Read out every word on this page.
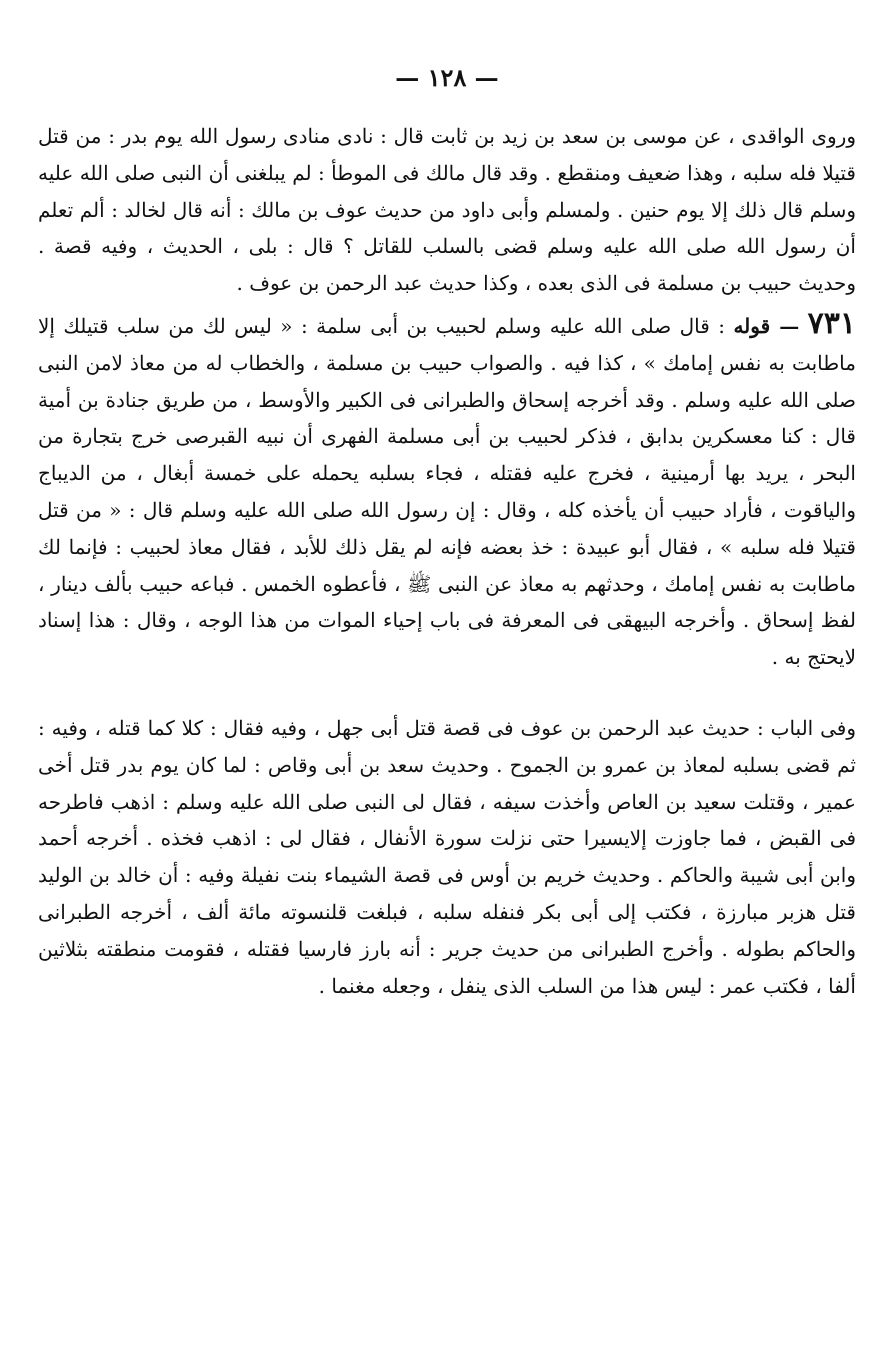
— ١٢٨ —

وروى الواقدى ، عن موسى بن سعد بن زيد بن ثابت قال : نادى منادى رسول الله يوم بدر : من قتل قتيلا فله سلبه ، وهذا ضعيف ومنقطع . وقد قال مالك فى الموطأ : لم يبلغنى أن النبى صلى الله عليه وسلم قال ذلك إلا يوم حنين . ولمسلم وأبى داود من حديث عوف بن مالك : أنه قال لخالد : ألم تعلم أن رسول الله صلى الله عليه وسلم قضى بالسلب للقاتل ؟ قال : بلى ، الحديث ، وفيه قصة . وحديث حبيب بن مسلمة فى الذى بعده ، وكذا حديث عبد الرحمن بن عوف .

٧٣١ — قوله : قال صلى الله عليه وسلم لحبيب بن أبى سلمة : « ليس لك من سلب قتيلك إلا ماطابت به نفس إمامك » ، كذا فيه . والصواب حبيب بن مسلمة ، والخطاب له من معاذ لامن النبى صلى الله عليه وسلم . وقد أخرجه إسحاق والطبرانى فى الكبير والأوسط ، من طريق جنادة بن أمية قال : كنا معسكرين بدابق ، فذكر لحبيب بن أبى مسلمة الفهرى أن نبيه القبرصى خرج بتجارة من البحر ، يريد بها أرمينية ، فخرج عليه فقتله ، فجاء بسلبه يحمله على خمسة أبغال ، من الديباج والياقوت ، فأراد حبيب أن يأخذه كله ، وقال : إن رسول الله صلى الله عليه وسلم قال : « من قتل قتيلا فله سلبه » ، فقال أبو عبيدة : خذ بعضه فإنه لم يقل ذلك للأبد ، فقال معاذ لحبيب : فإنما لك ماطابت به نفس إمامك ، وحدثهم به معاذ عن النبى ﷺ ، فأعطوه الخمس . فباعه حبيب بألف دينار ، لفظ إسحاق . وأخرجه البيهقى فى المعرفة فى باب إحياء الموات من هذا الوجه ، وقال : هذا إسناد لايحتج به .

وفى الباب : حديث عبد الرحمن بن عوف فى قصة قتل أبى جهل ، وفيه فقال : كلا كما قتله ، وفيه : ثم قضى بسلبه لمعاذ بن عمرو بن الجموح . وحديث سعد بن أبى وقاص : لما كان يوم بدر قتل أخى عمير ، وقتلت سعيد بن العاص وأخذت سيفه ، فقال لى النبى صلى الله عليه وسلم : اذهب فاطرحه فى القبض ، فما جاوزت إلايسيرا حتى نزلت سورة الأنفال ، فقال لى : اذهب فخذه . أخرجه أحمد وابن أبى شيبة والحاكم . وحديث خريم بن أوس فى قصة الشيماء بنت نفيلة وفيه : أن خالد بن الوليد قتل هزبر مبارزة ، فكتب إلى أبى بكر فنفله سلبه ، فبلغت قلنسوته مائة ألف ، أخرجه الطبرانى والحاكم بطوله . وأخرج الطبرانى من حديث جرير : أنه بارز فارسيا فقتله ، فقومت منطقته بثلاثين ألفا ، فكتب عمر : ليس هذا من السلب الذى ينفل ، وجعله مغنما .
